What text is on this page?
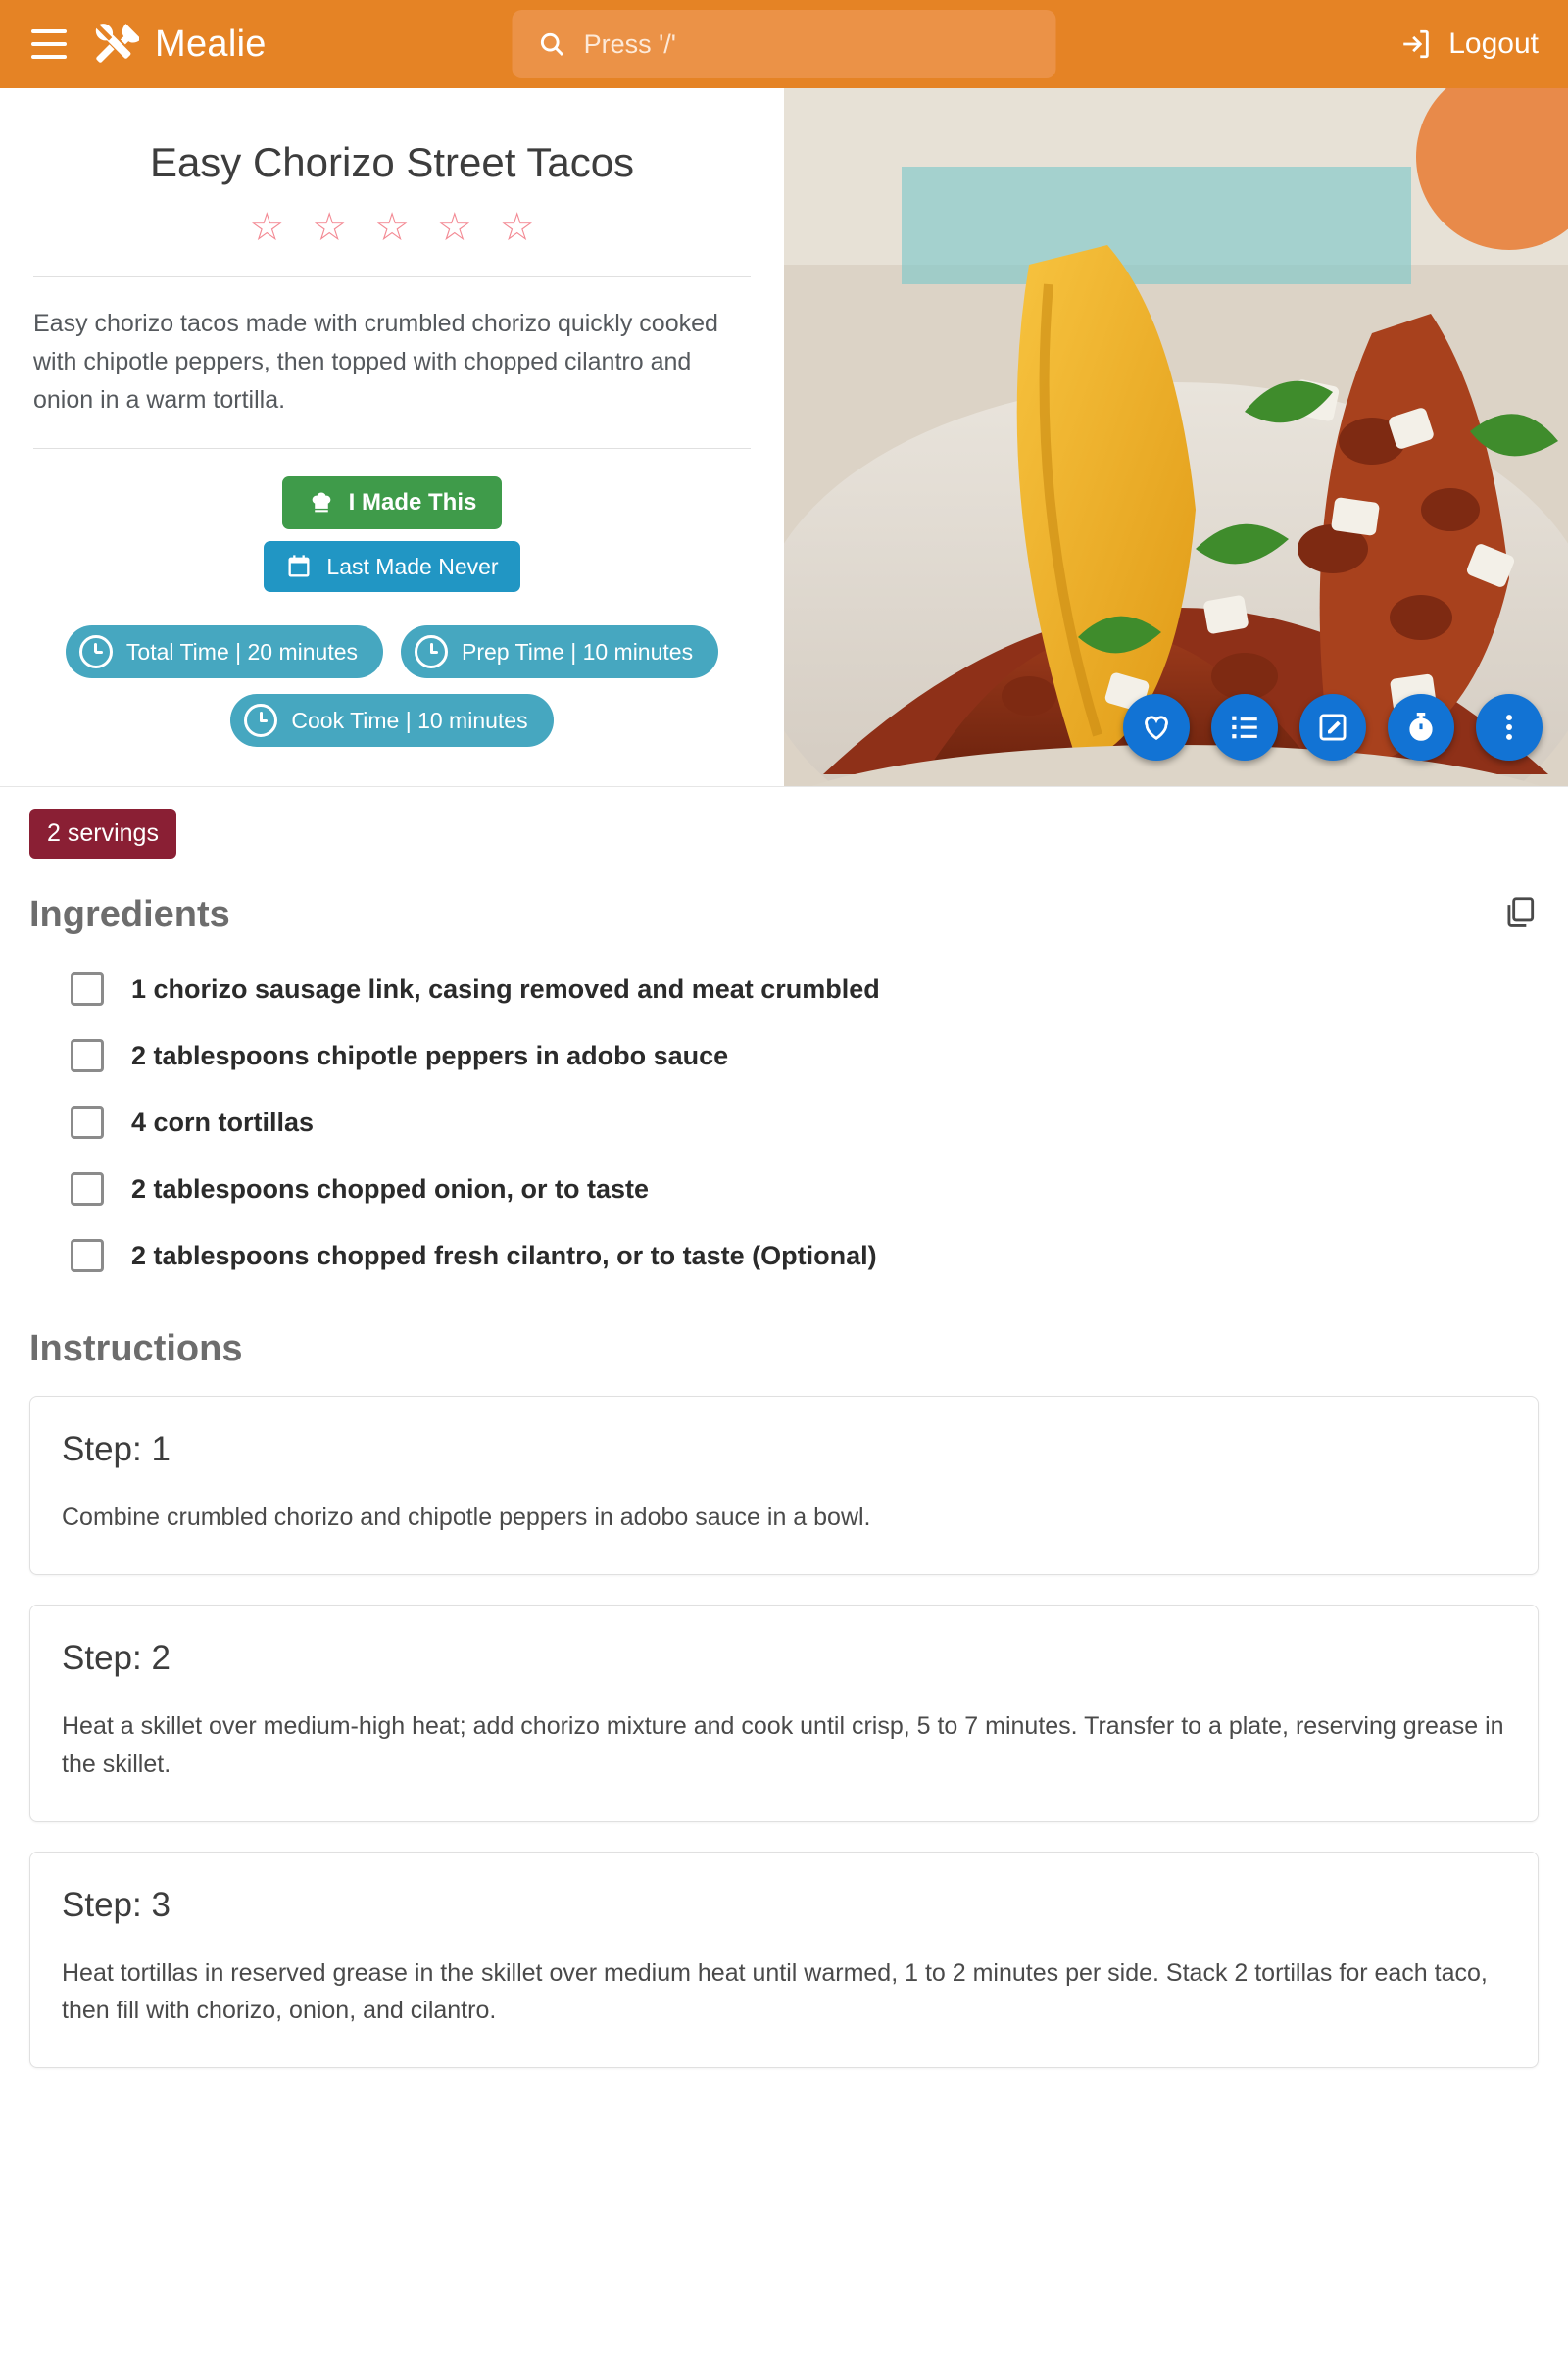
Mealie
Press '/'	Logout
Easy Chorizo Street Tacos
☆ ☆ ☆ ☆ ☆

Easy chorizo tacos made with crumbled chorizo quickly cooked with chipotle peppers, then topped with chopped cilantro and onion in a warm tortilla.

I Made This
Last Made Never
Total Time | 20 minutes	Prep Time | 10 minutes
Cook Time | 10 minutes
2 servings
Ingredients
1 chorizo sausage link, casing removed and meat crumbled
2 tablespoons chipotle peppers in adobo sauce
4 corn tortillas
2 tablespoons chopped onion, or to taste
2 tablespoons chopped fresh cilantro, or to taste (Optional)
Instructions
Step: 1
Combine crumbled chorizo and chipotle peppers in adobo sauce in a bowl.
Step: 2
Heat a skillet over medium-high heat; add chorizo mixture and cook until crisp, 5 to 7 minutes. Transfer to a plate, reserving grease in the skillet.
Step: 3
Heat tortillas in reserved grease in the skillet over medium heat until warmed, 1 to 2 minutes per side. Stack 2 tortillas for each taco, then fill with chorizo, onion, and cilantro.
